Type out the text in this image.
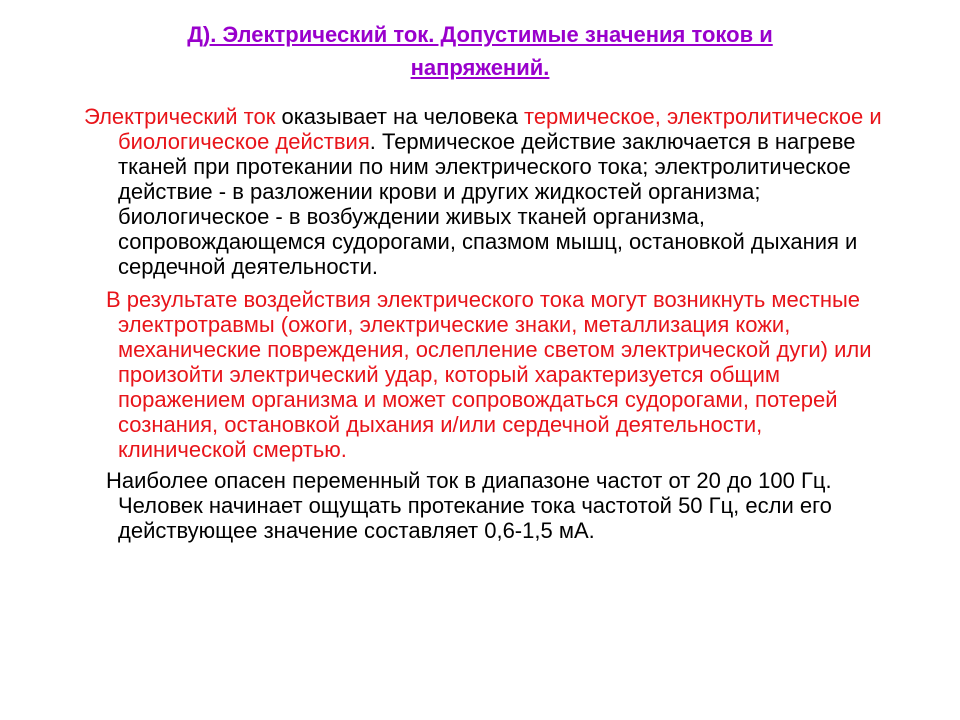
Д). Электрический ток. Допустимые значения токов и
напряжений.

Электрический ток оказывает на человека термическое, электролитическое и биологическое действия. Термическое действие заключается в нагреве тканей при протекании по ним электрического тока; электролитическое действие - в разложении крови и других жидкостей организма; биологическое - в возбуждении живых тканей организма, сопровождающемся судорогами, спазмом мышц, остановкой дыхания и сердечной деятельности.

В результате воздействия электрического тока могут возникнуть местные электротравмы (ожоги, электрические знаки, металлизация кожи, механические повреждения, ослепление светом электрической дуги) или произойти электрический удар, который характеризуется общим поражением организма и может сопровождаться судорогами, потерей сознания, остановкой дыхания и/или сердечной деятельности, клинической смертью.

Наиболее опасен переменный ток в диапазоне частот от 20 до 100 Гц.
Человек начинает ощущать протекание тока частотой 50 Гц, если его действующее значение составляет 0,6-1,5 мА.
